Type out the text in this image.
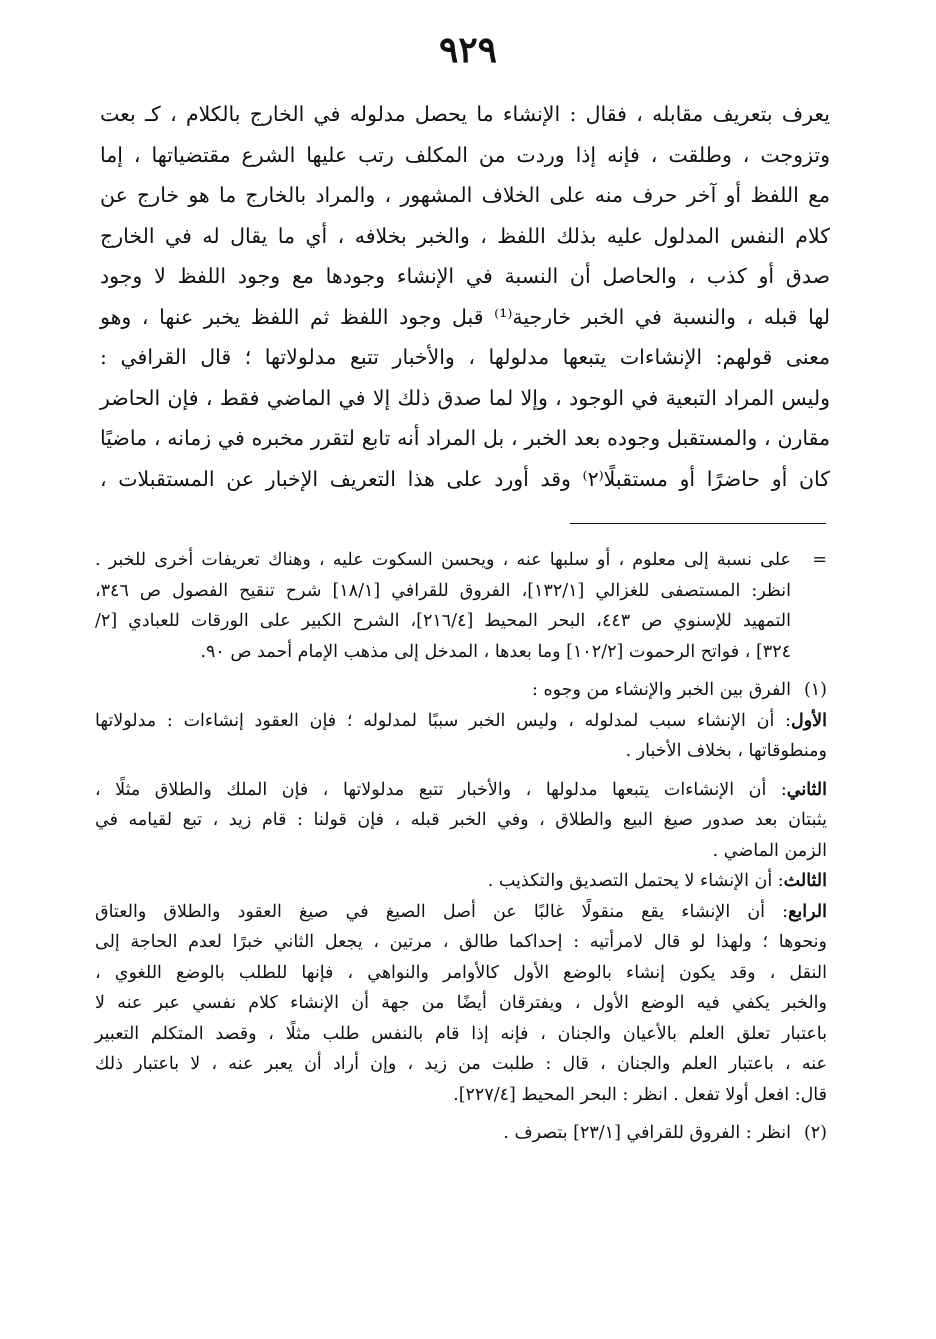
٩٢٩
يعرف بتعريف مقابله ، فقال : الإنشاء ما يحصل مدلوله في الخارج بالكلام ، كـ بعت
وتزوجت ، وطلقت ، فإنه إذا وردت من المكلف رتب عليها الشرع مقتضياتها ، إما
مع اللفظ أو آخر حرف منه على الخلاف المشهور ، والمراد بالخارج ما هو خارج عن
كلام النفس المدلول عليه بذلك اللفظ ، والخبر بخلافه ، أي ما يقال له في الخارج
صدق أو كذب ، والحاصل أن النسبة في الإنشاء وجودها مع وجود اللفظ لا وجود
لها قبله ، والنسبة في الخبر خارجية⁽¹⁾ قبل وجود اللفظ ثم اللفظ يخبر عنها ، وهو
معنى قولهم: الإنشاءات يتبعها مدلولها ، والأخبار تتبع مدلولاتها ؛ قال القرافي :
وليس المراد التبعية في الوجود ، وإلا لما صدق ذلك إلا في الماضي فقط ، فإن الحاضر
مقارن ، والمستقبل وجوده بعد الخبر ، بل المراد أنه تابع لتقرر مخبره في زمانه ، ماضيًا
كان أو حاضرًا أو مستقبلًا⁽٢⁾ وقد أورد على هذا التعريف الإخبار عن المستقبلات ،
=على نسبة إلى معلوم ، أو سلبها عنه ، ويحسن السكوت عليه ، وهناك تعريفات أخرى للخبر .
انظر: المستصفى للغزالي [١٣٢/١]، الفروق للقرافي [١٨/١] شرح تنقيح الفصول ص ٣٤٦،
التمهيد للإسنوي ص ٤٤٣، البحر المحيط [٢١٦/٤]، الشرح الكبير على الورقات للعبادي [٢/
٣٢٤] ، فواتح الرحموت [١٠٢/٢] وما بعدها ، المدخل إلى مذهب الإمام أحمد ص ٩٠.
(١)الفرق بين الخبر والإنشاء من وجوه :
الأول: أن الإنشاء سبب لمدلوله ، وليس الخبر سببًا لمدلوله ؛ فإن العقود إنشاءات : مدلولاتها
ومنطوقاتها ، بخلاف الأخبار .
الثاني: أن الإنشاءات يتبعها مدلولها ، والأخبار تتبع مدلولاتها ، فإن الملك والطلاق مثلًا ،
يثبتان بعد صدور صيغ البيع والطلاق ، وفي الخبر قبله ، فإن قولنا : قام زيد ، تبع لقيامه في
الزمن الماضي .
الثالث: أن الإنشاء لا يحتمل التصديق والتكذيب .
الرابع: أن الإنشاء يقع منقولًا غالبًا عن أصل الصيغ في صيغ العقود والطلاق والعتاق
ونحوها ؛ ولهذا لو قال لامرأتيه : إحداكما طالق ، مرتين ، يجعل الثاني خبرًا لعدم الحاجة إلى
النقل ، وقد يكون إنشاء بالوضع الأول كالأوامر والنواهي ، فإنها للطلب بالوضع اللغوي ،
والخبر يكفي فيه الوضع الأول ، ويفترقان أيضًا من جهة أن الإنشاء كلام نفسي عبر عنه لا
باعتبار تعلق العلم بالأعيان والجنان ، فإنه إذا قام بالنفس طلب مثلًا ، وقصد المتكلم التعبير
عنه ، باعتبار العلم والجنان ، قال : طلبت من زيد ، وإن أراد أن يعبر عنه ، لا باعتبار ذلك
قال: افعل أولا تفعل . انظر : البحر المحيط [٢٢٧/٤].
(٢)انظر : الفروق للقرافي [٢٣/١] بتصرف .
